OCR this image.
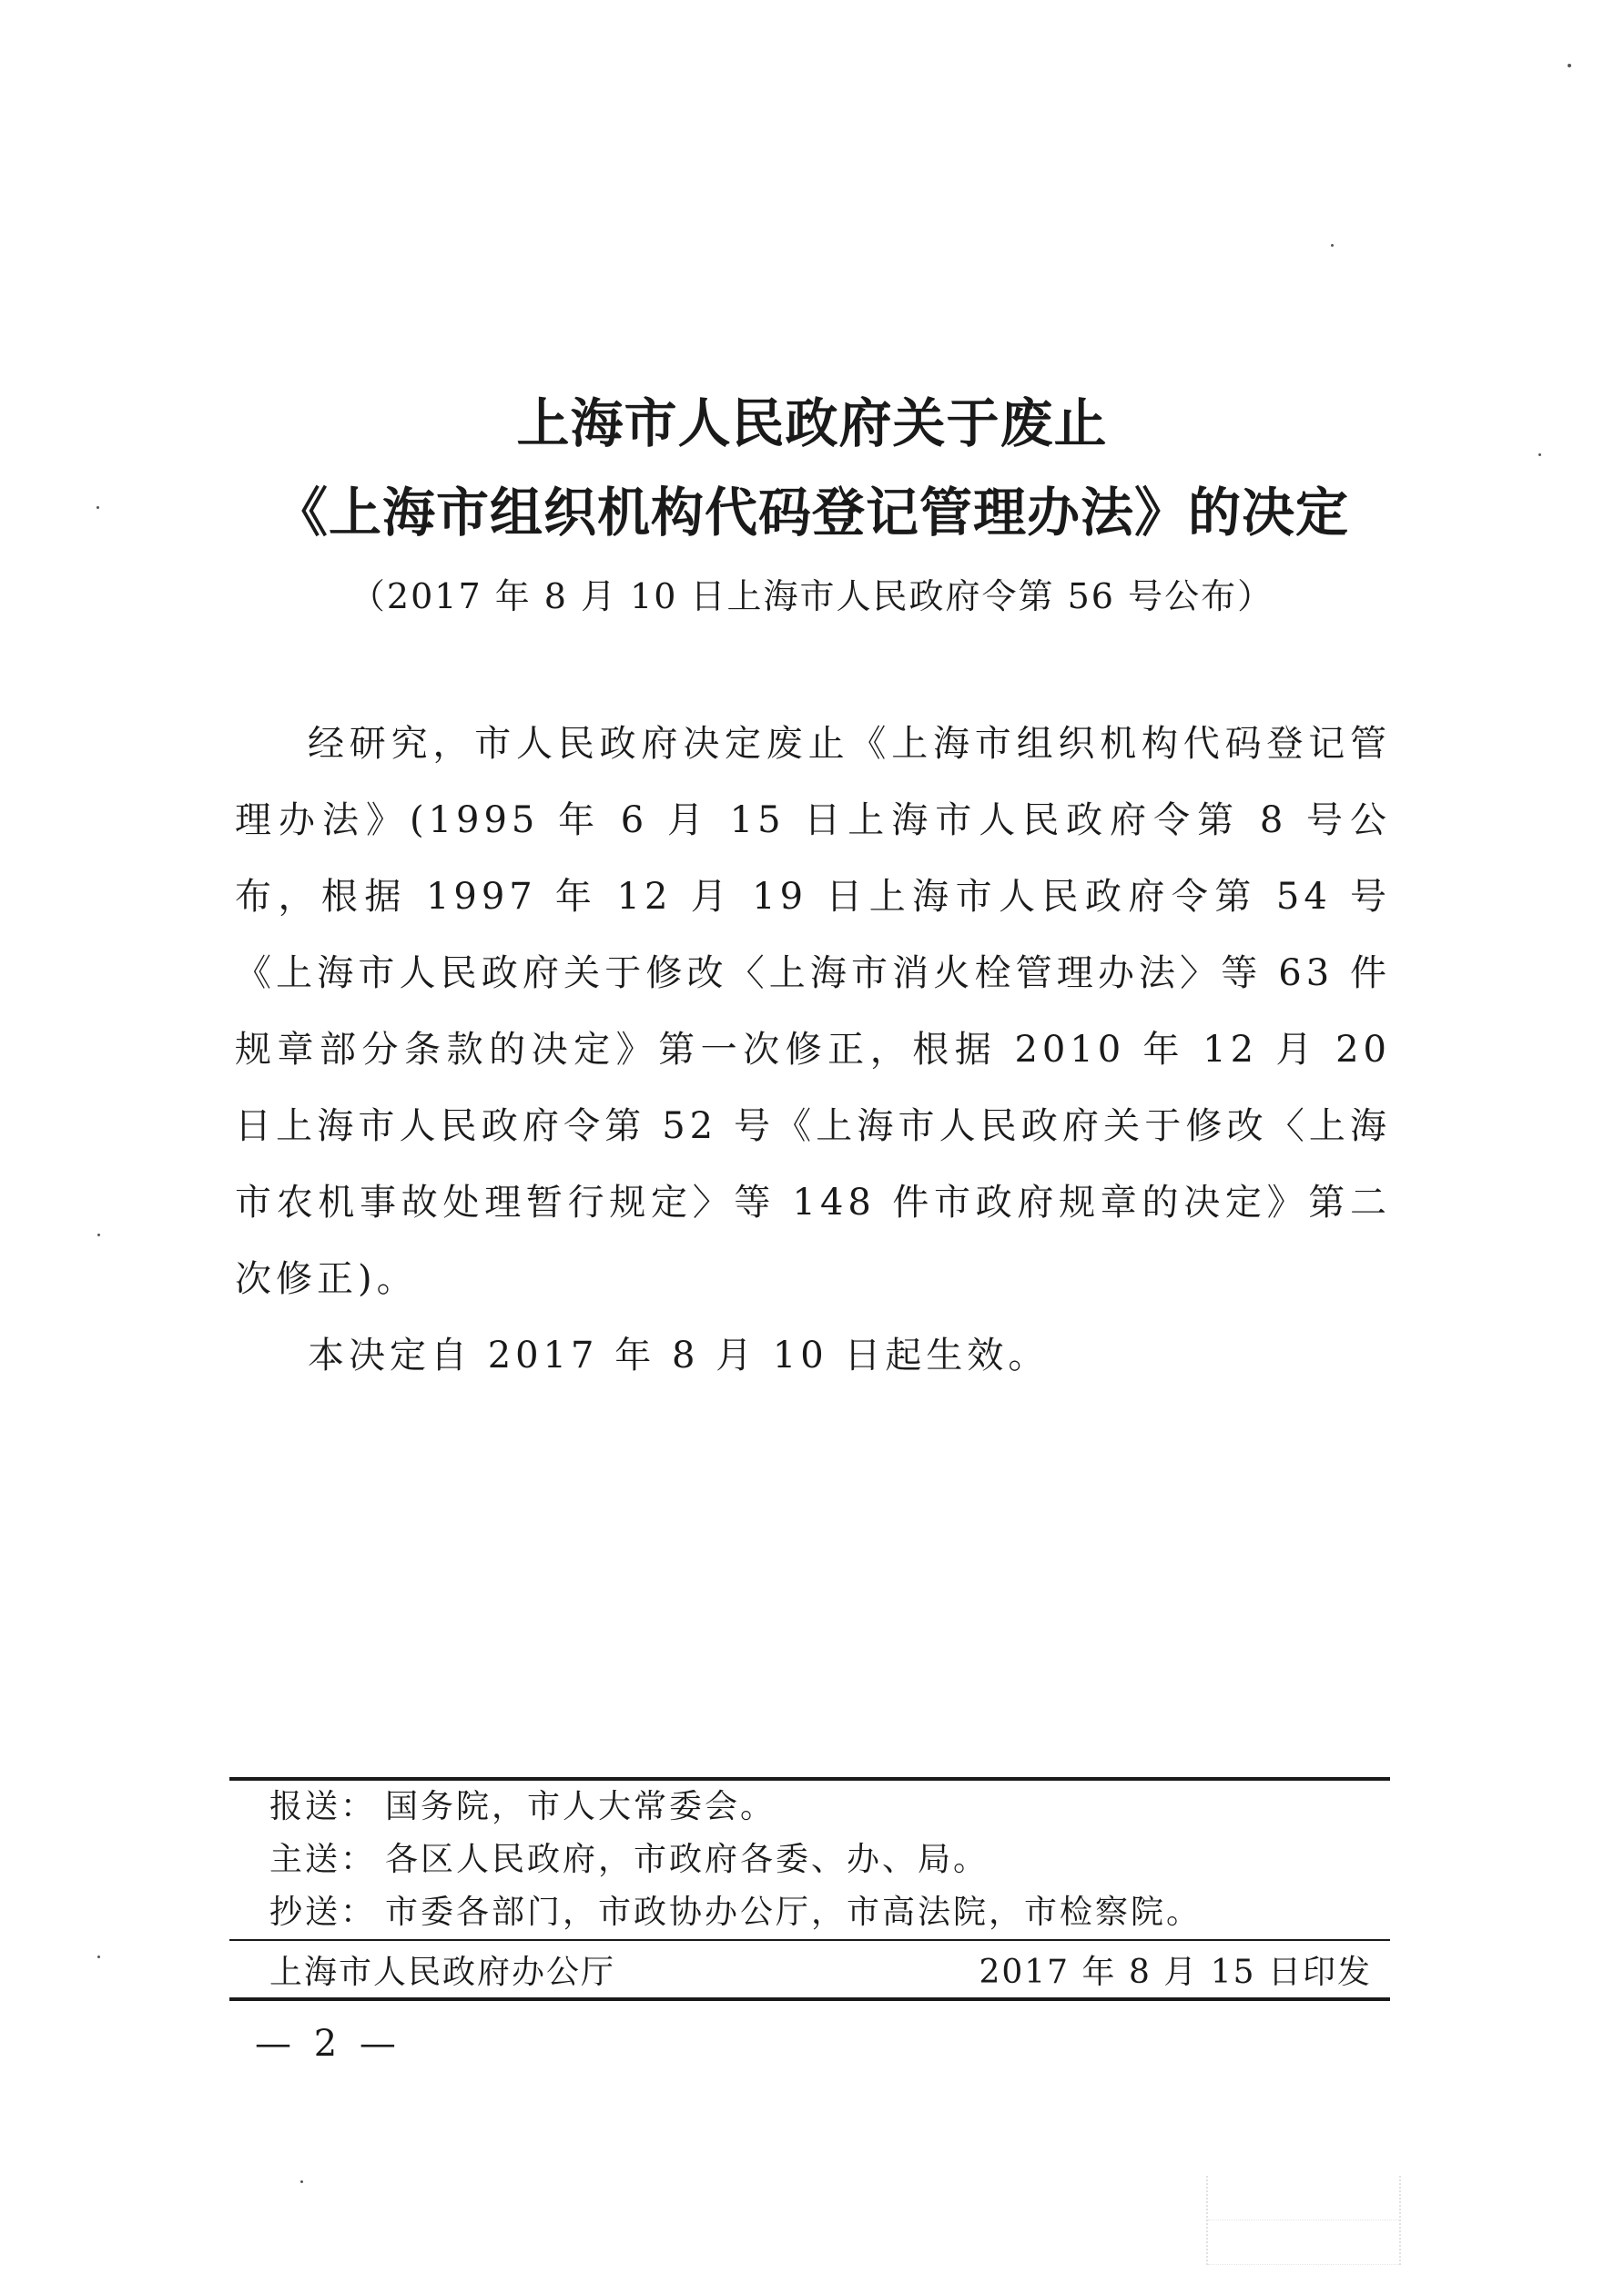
上海市人民政府关于废止
《上海市组织机构代码登记管理办法》的决定
（2017 年 8 月 10 日上海市人民政府令第 56 号公布）

经研究，市人民政府决定废止《上海市组织机构代码登记管理办法》(1995 年 6 月 15 日上海市人民政府令第 8 号公布，根据 1997 年 12 月 19 日上海市人民政府令第 54 号《上海市人民政府关于修改〈上海市消火栓管理办法〉等 63 件规章部分条款的决定》第一次修正，根据 2010 年 12 月 20 日上海市人民政府令第 52 号《上海市人民政府关于修改〈上海市农机事故处理暂行规定〉等 148 件市政府规章的决定》第二次修正)。

本决定自 2017 年 8 月 10 日起生效。

报送： 国务院，市人大常委会。
主送： 各区人民政府，市政府各委、办、局。
抄送： 市委各部门，市政协办公厅，市高法院，市检察院。
上海市人民政府办公厅	2017 年 8 月 15 日印发
— 2 —
